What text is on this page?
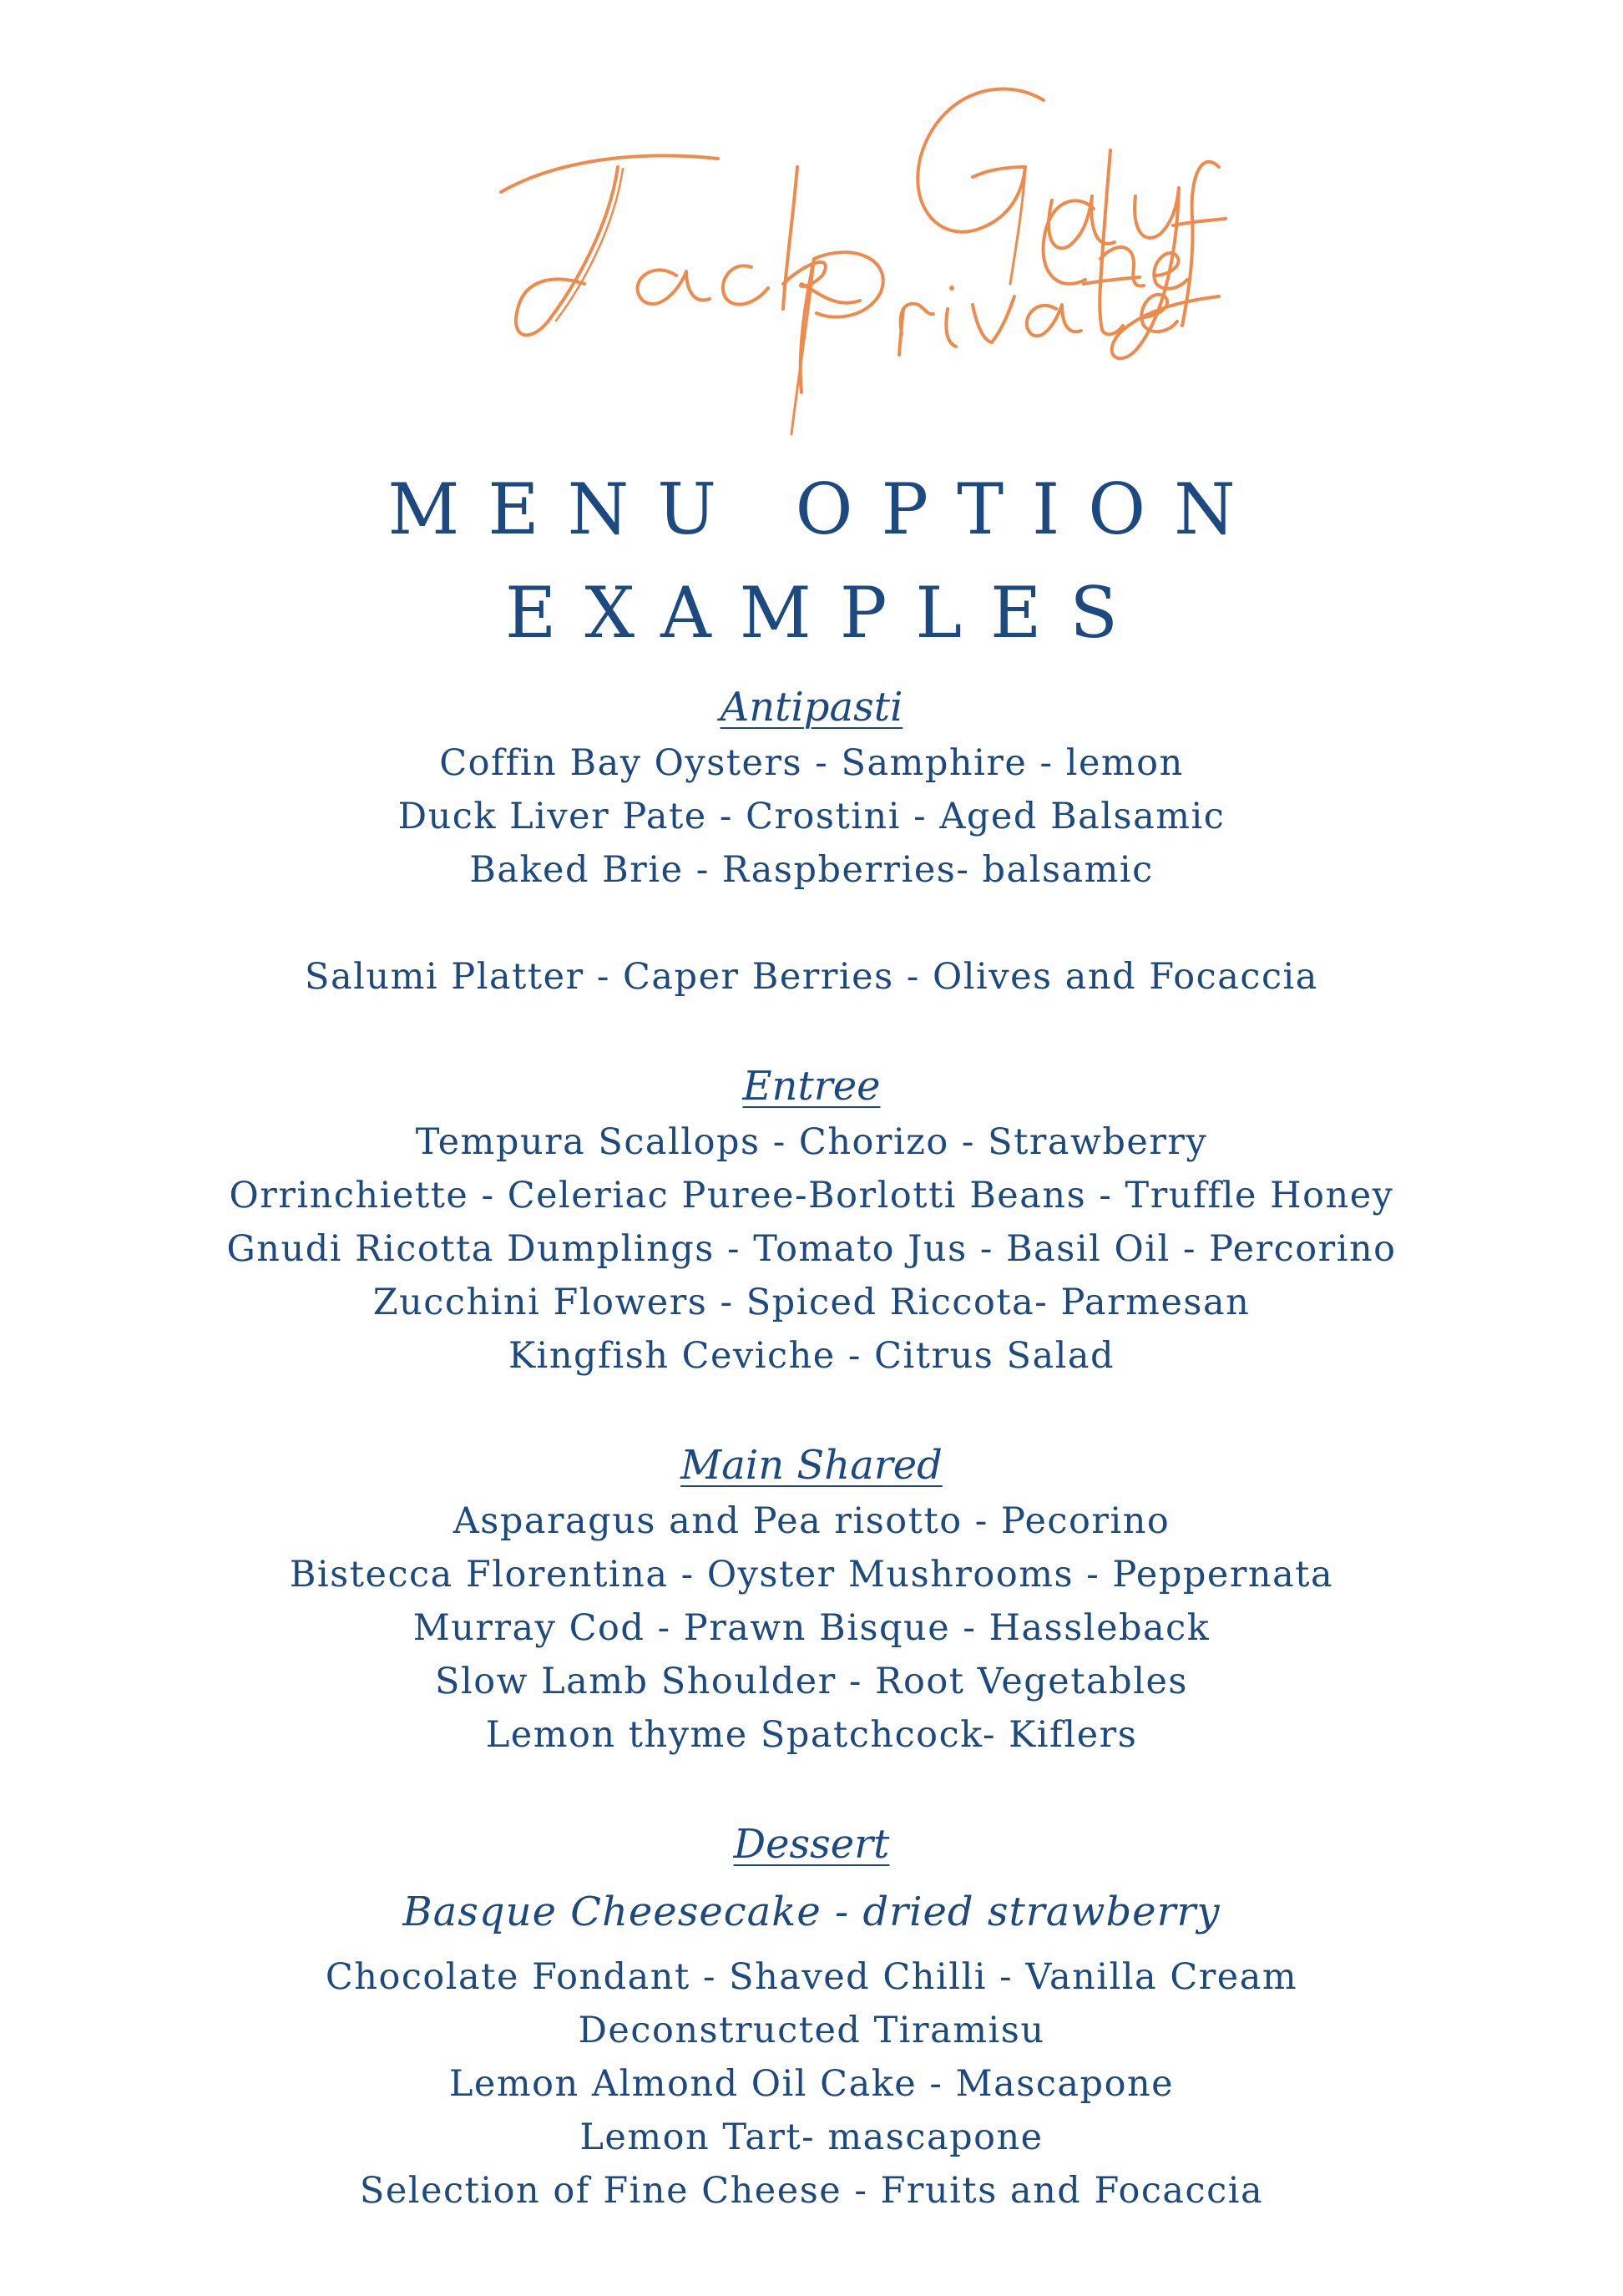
MENU OPTION
EXAMPLES

Antipasti

Coffin Bay Oysters - Samphire - lemon

Duck Liver Pate - Crostini - Aged Balsamic

Baked Brie - Raspberries- balsamic

Salumi Platter - Caper Berries - Olives and Focaccia

Entree

Tempura Scallops - Chorizo - Strawberry

Orrinchiette - Celeriac Puree-Borlotti Beans - Truffle Honey

Gnudi Ricotta Dumplings - Tomato Jus - Basil Oil - Percorino

Zucchini Flowers - Spiced Riccota- Parmesan

Kingfish Ceviche - Citrus Salad

Main Shared

Asparagus and Pea risotto - Pecorino

Bistecca Florentina - Oyster Mushrooms - Peppernata

Murray Cod - Prawn Bisque - Hassleback

Slow Lamb Shoulder - Root Vegetables

Lemon thyme Spatchcock- Kiflers

Dessert

Basque Cheesecake - dried strawberry

Chocolate Fondant - Shaved Chilli - Vanilla Cream

Deconstructed Tiramisu

Lemon Almond Oil Cake - Mascapone

Lemon Tart- mascapone

Selection of Fine Cheese - Fruits and Focaccia
